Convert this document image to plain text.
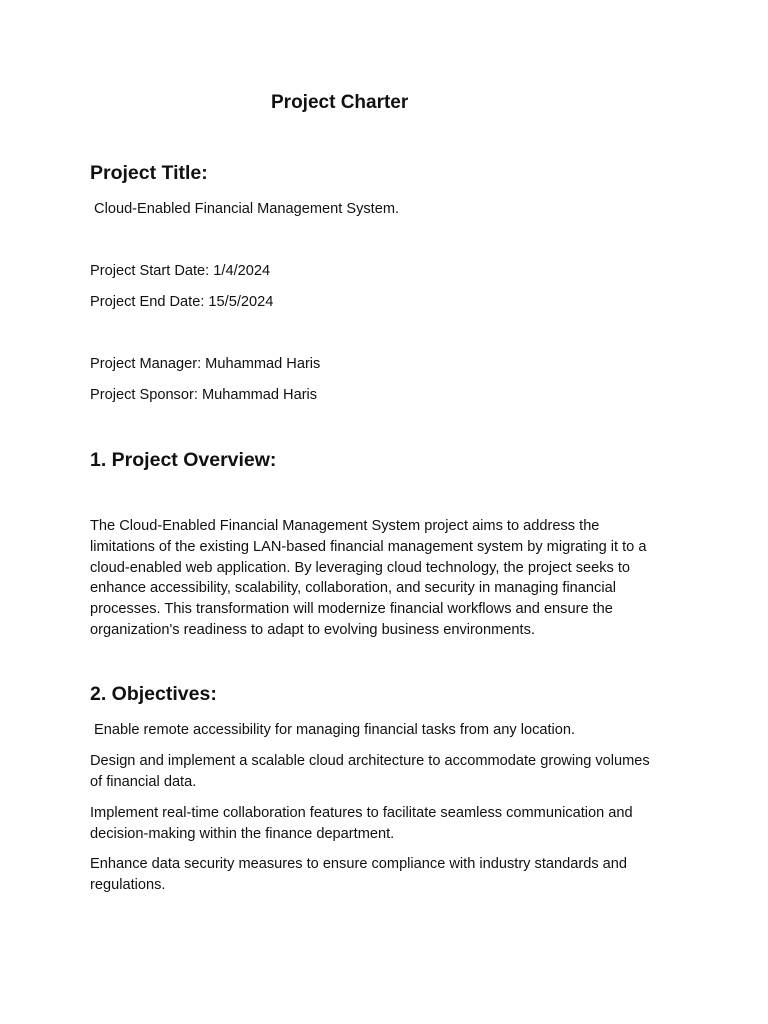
Project Charter
Project Title:

Cloud-Enabled Financial Management System.

Project Start Date: 1/4/2024

Project End Date: 15/5/2024

Project Manager: Muhammad Haris

Project Sponsor: Muhammad Haris

1. Project Overview:
The Cloud-Enabled Financial Management System project aims to address the
limitations of the existing LAN-based financial management system by migrating it to a
cloud-enabled web application. By leveraging cloud technology, the project seeks to
enhance accessibility, scalability, collaboration, and security in managing financial
processes. This transformation will modernize financial workflows and ensure the
organization's readiness to adapt to evolving business environments.
2. Objectives:
Enable remote accessibility for managing financial tasks from any location.
Design and implement a scalable cloud architecture to accommodate growing volumes
of financial data.
Implement real-time collaboration features to facilitate seamless communication and
decision-making within the finance department.
Enhance data security measures to ensure compliance with industry standards and
regulations.
